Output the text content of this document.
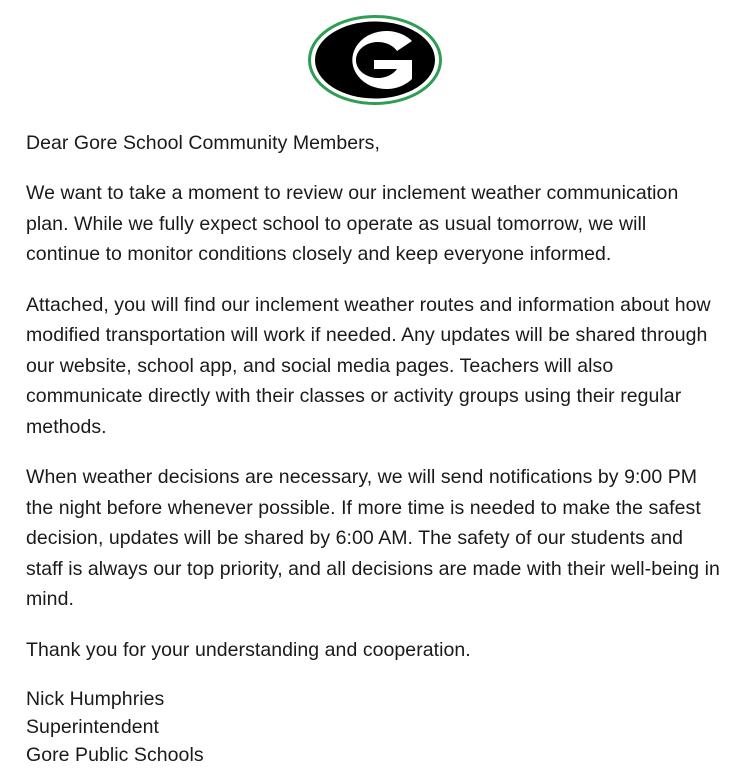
Dear Gore School Community Members,

We want to take a moment to review our inclement weather communication plan. While we fully expect school to operate as usual tomorrow, we will continue to monitor conditions closely and keep everyone informed.

Attached, you will find our inclement weather routes and information about how modified transportation will work if needed. Any updates will be shared through our website, school app, and social media pages. Teachers will also communicate directly with their classes or activity groups using their regular methods.

When weather decisions are necessary, we will send notifications by 9:00 PM the night before whenever possible. If more time is needed to make the safest decision, updates will be shared by 6:00 AM. The safety of our students and staff is always our top priority, and all decisions are made with their well-being in mind.

Thank you for your understanding and cooperation.

Nick Humphries
Superintendent
Gore Public Schools
